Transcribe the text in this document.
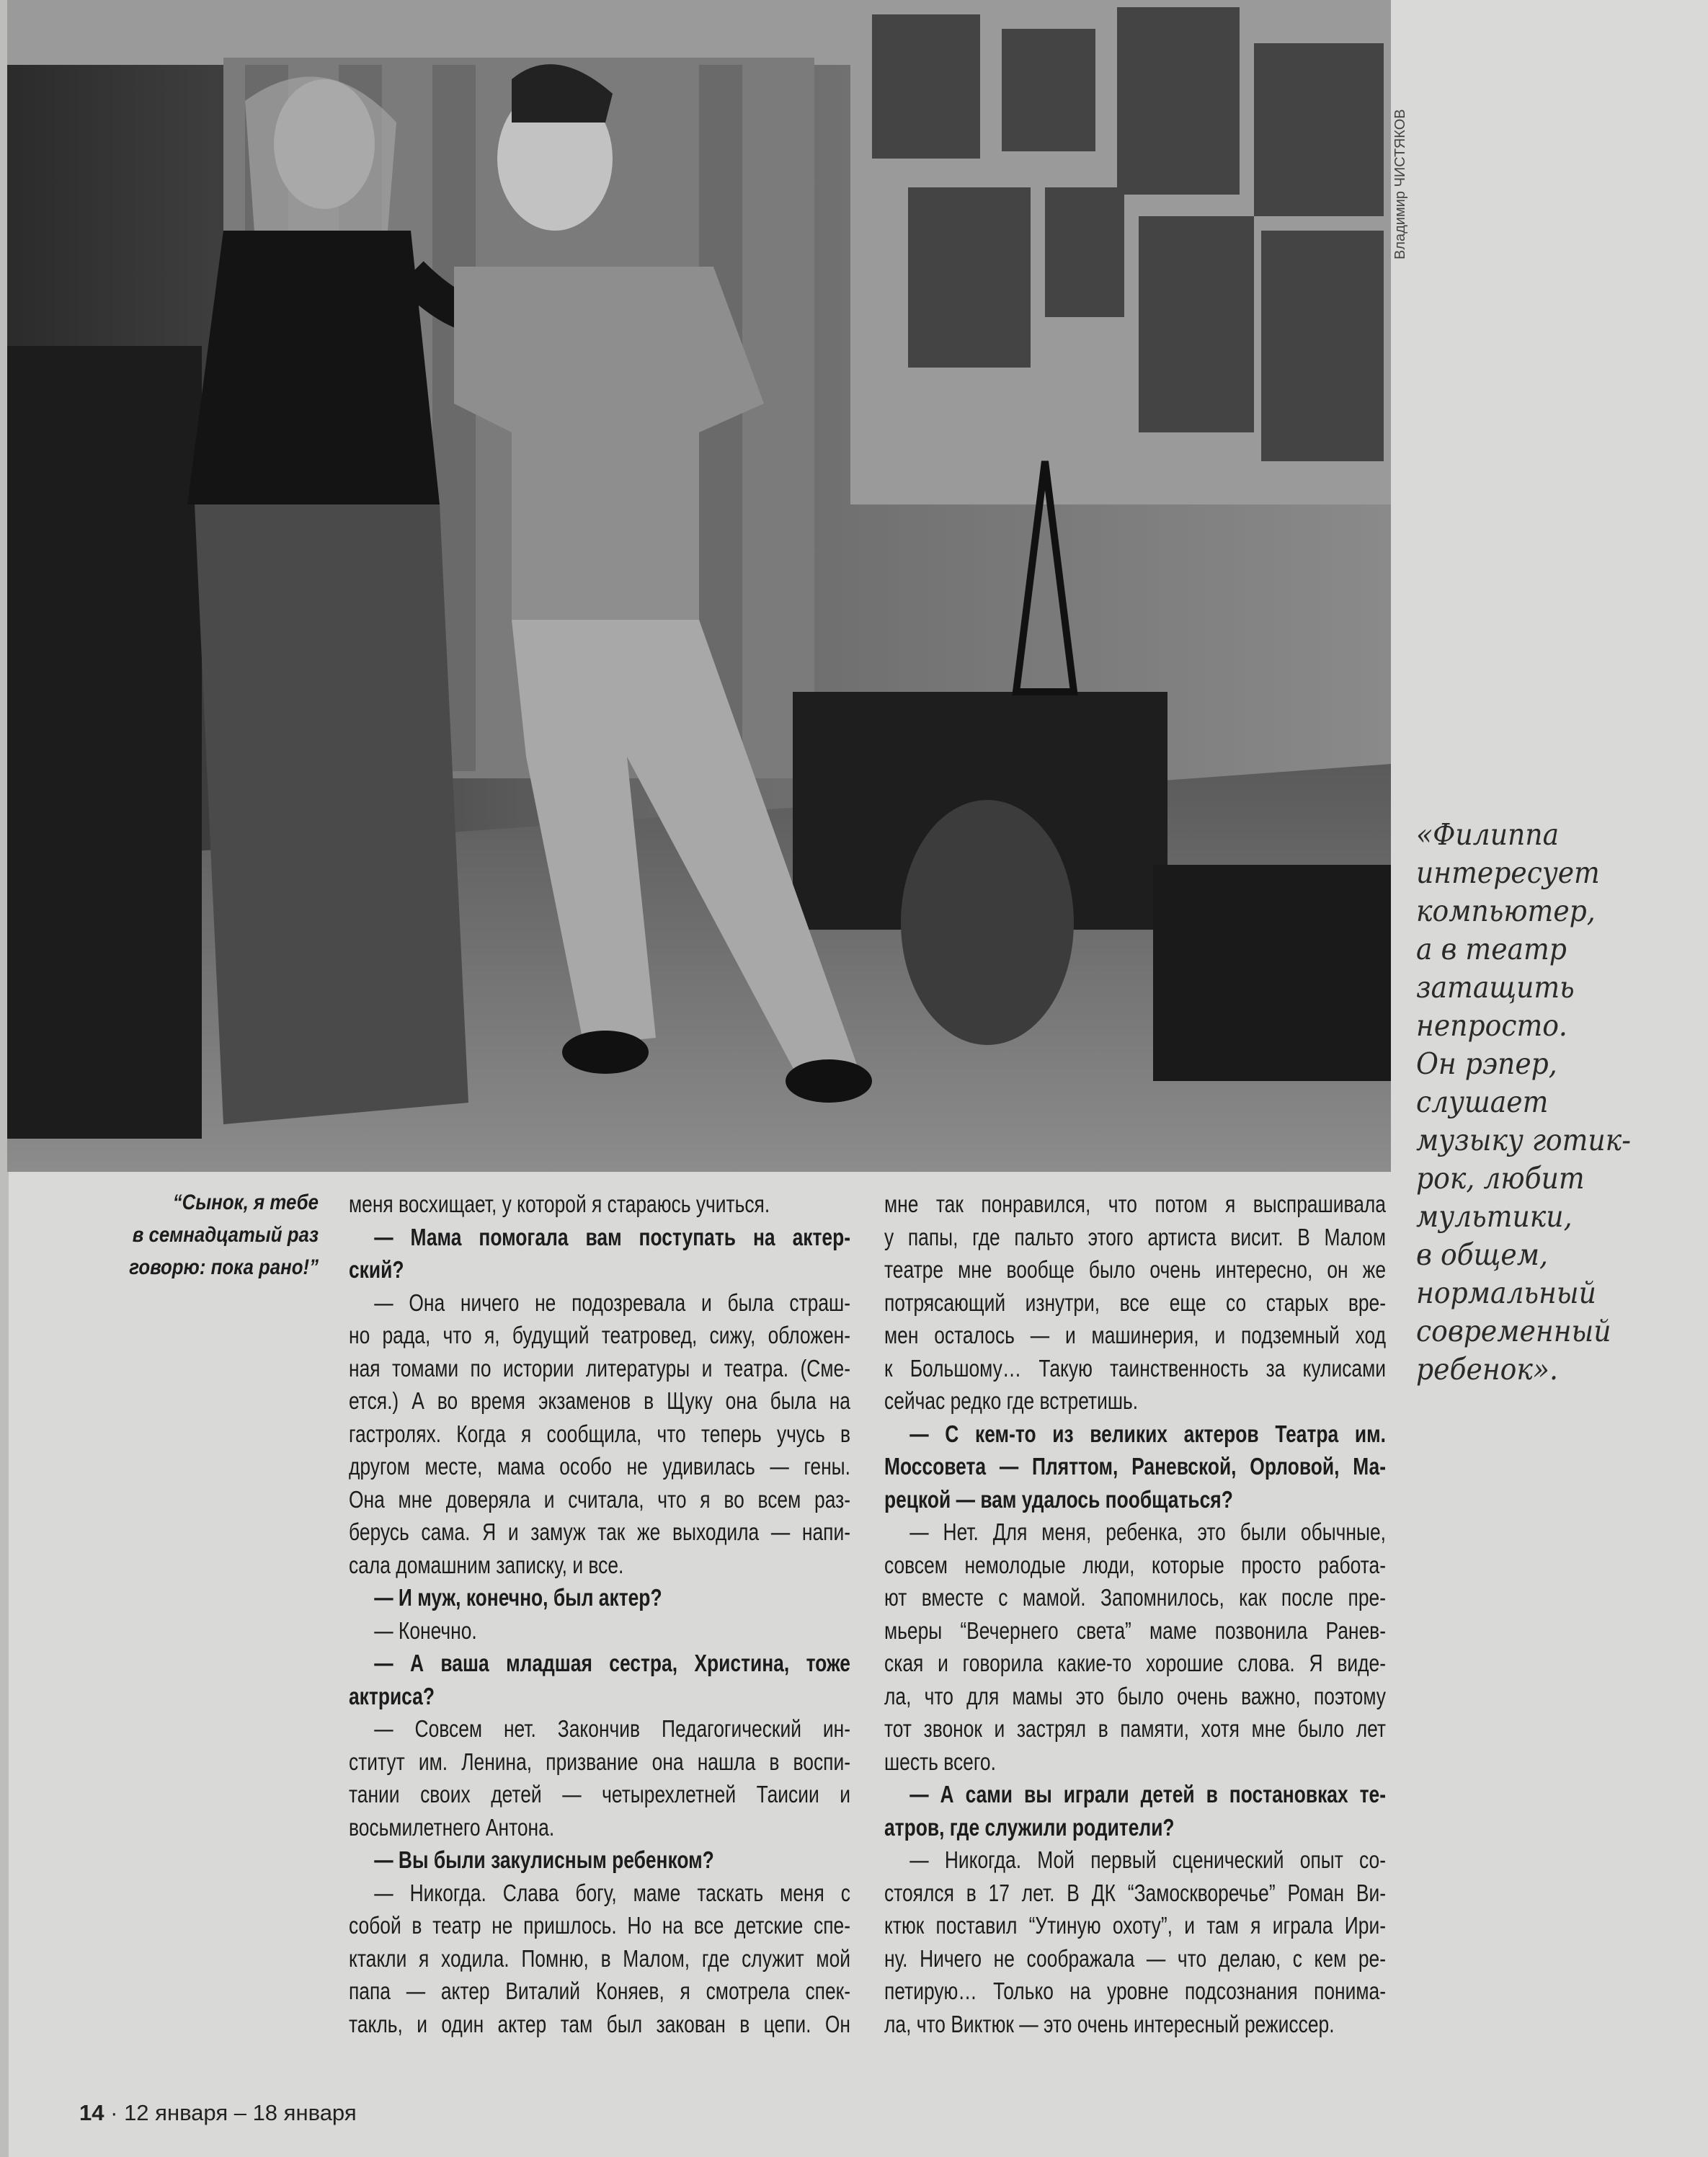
Владимир ЧИСТЯКОВ
“Сынок, я тебе
в семнадцатый раз
говорю: пока рано!”
меня восхищает, у которой я стараюсь учиться.
— Мама помогала вам поступать на актер-
ский?
— Она ничего не подозревала и была страш-
но рада, что я, будущий театровед, сижу, обложен-
ная томами по истории литературы и театра. (Сме-
ется.) А во время экзаменов в Щуку она была на
гастролях. Когда я сообщила, что теперь учусь в
другом месте, мама особо не удивилась — гены.
Она мне доверяла и считала, что я во всем раз-
берусь сама. Я и замуж так же выходила — напи-
сала домашним записку, и все.
— И муж, конечно, был актер?
— Конечно.
— А ваша младшая сестра, Христина, тоже
актриса?
— Совсем нет. Закончив Педагогический ин-
ститут им. Ленина, призвание она нашла в воспи-
тании своих детей — четырехлетней Таисии и
восьмилетнего Антона.
— Вы были закулисным ребенком?
— Никогда. Слава богу, маме таскать меня с
собой в театр не пришлось. Но на все детские спе-
ктакли я ходила. Помню, в Малом, где служит мой
папа — актер Виталий Коняев, я смотрела спек-
такль, и один актер там был закован в цепи. Он
мне так понравился, что потом я выспрашивала
у папы, где пальто этого артиста висит. В Малом
театре мне вообще было очень интересно, он же
потрясающий изнутри, все еще со старых вре-
мен осталось — и машинерия, и подземный ход
к Большому… Такую таинственность за кулисами
сейчас редко где встретишь.
— С кем-то из великих актеров Театра им.
Моссовета — Пляттом, Раневской, Орловой, Ма-
рецкой — вам удалось пообщаться?
— Нет. Для меня, ребенка, это были обычные,
совсем немолодые люди, которые просто работа-
ют вместе с мамой. Запомнилось, как после пре-
мьеры “Вечернего света” маме позвонила Ранев-
ская и говорила какие-то хорошие слова. Я виде-
ла, что для мамы это было очень важно, поэтому
тот звонок и застрял в памяти, хотя мне было лет
шесть всего.
— А сами вы играли детей в постановках те-
атров, где служили родители?
— Никогда. Мой первый сценический опыт со-
стоялся в 17 лет. В ДК “Замоскворечье” Роман Ви-
ктюк поставил “Утиную охоту”, и там я играла Ири-
ну. Ничего не соображала — что делаю, с кем ре-
петирую… Только на уровне подсознания понима-
ла, что Виктюк — это очень интересный режиссер.
«Филиппа
интересует
компьютер,
а в театр
затащить
непросто.
Он рэпер,
слушает
музыку готик-
рок, любит
мультики,
в общем,
нормальный
современный
ребенок».
14 · 12 января – 18 января
